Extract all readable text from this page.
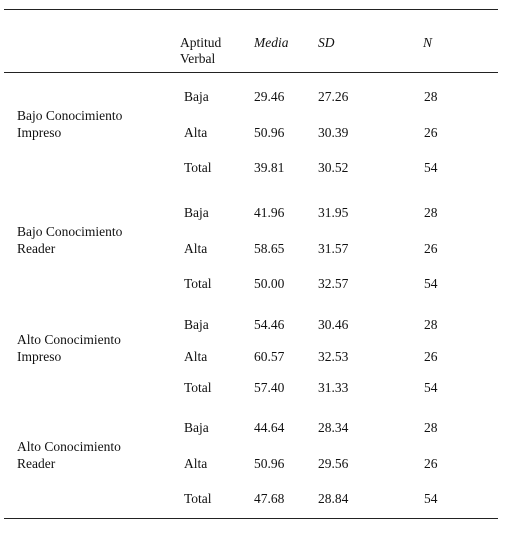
Aptitud Verbal
Media SD	N
Bajo Conocimiento Impreso
Baja	29.46 27.26	28
Alta	50.96 30.39	26
Total	39.81 30.52	54
Bajo Conocimiento Reader
Baja	41.96 31.95	28
Alta	58.65 31.57	26
Total	50.00 32.57	54
Alto Conocimiento Impreso
Baja	54.46 30.46	28
Alta	60.57 32.53	26
Total	57.40 31.33	54
Alto Conocimiento Reader
Baja	44.64 28.34	28
Alta	50.96 29.56	26
Total	47.68 28.84	54
